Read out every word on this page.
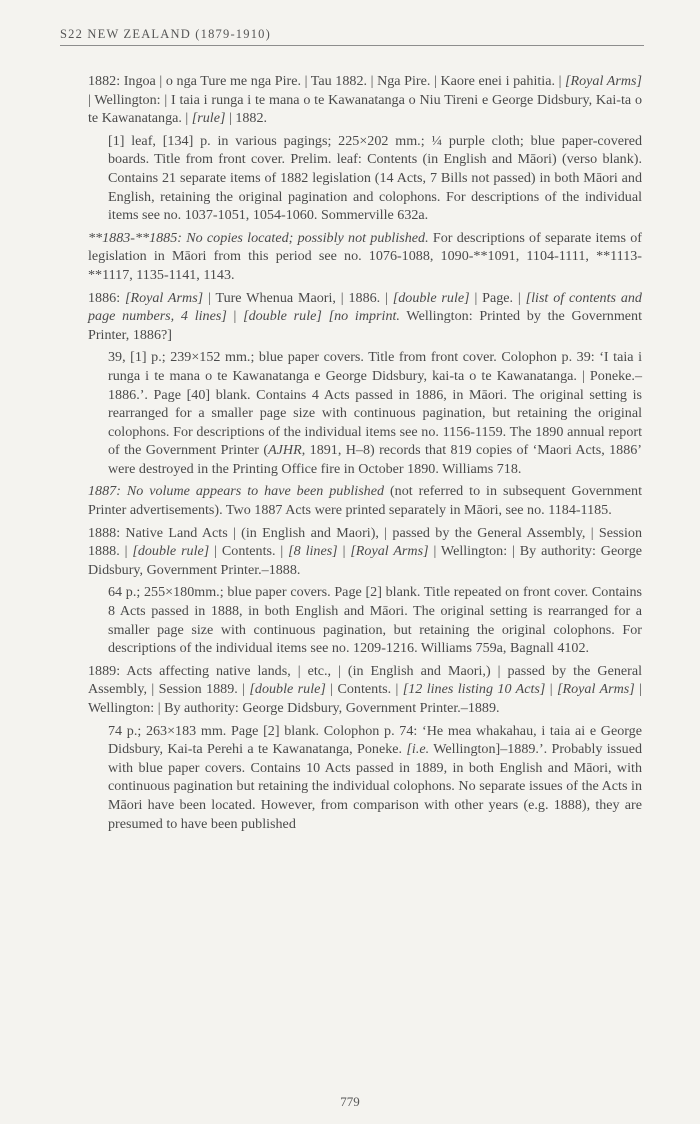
S22 NEW ZEALAND (1879-1910)

1882: Ingoa | o nga Ture me nga Pire. | Tau 1882. | Nga Pire. | Kaore enei i pahitia. | [Royal Arms] | Wellington: | I taia i runga i te mana o te Kawanatanga o Niu Tireni e George Didsbury, Kai-ta o te Kawanatanga. | [rule] | 1882.

[1] leaf, [134] p. in various pagings; 225×202 mm.; ¼ purple cloth; blue paper-covered boards. Title from front cover. Prelim. leaf: Contents (in English and Māori) (verso blank). Contains 21 separate items of 1882 legislation (14 Acts, 7 Bills not passed) in both Māori and English, retaining the original pagination and colophons. For descriptions of the individual items see no. 1037-1051, 1054-1060. Sommerville 632a.

**1883-**1885: No copies located; possibly not published. For descriptions of separate items of legislation in Māori from this period see no. 1076-1088, 1090-**1091, 1104-1111, **1113-**1117, 1135-1141, 1143.

1886: [Royal Arms] | Ture Whenua Maori, | 1886. | [double rule] | Page. | [list of contents and page numbers, 4 lines] | [double rule] [no imprint. Wellington: Printed by the Government Printer, 1886?]

39, [1] p.; 239×152 mm.; blue paper covers. Title from front cover. Colophon p. 39: ‘I taia i runga i te mana o te Kawanatanga e George Didsbury, kai-ta o te Kawanatanga. | Poneke.–1886.’. Page [40] blank. Contains 4 Acts passed in 1886, in Māori. The original setting is rearranged for a smaller page size with continuous pagination, but retaining the original colophons. For descriptions of the individual items see no. 1156-1159. The 1890 annual report of the Government Printer (AJHR, 1891, H–8) records that 819 copies of ‘Maori Acts, 1886’ were destroyed in the Printing Office fire in October 1890. Williams 718.

1887: No volume appears to have been published (not referred to in subsequent Government Printer advertisements). Two 1887 Acts were printed separately in Māori, see no. 1184-1185.

1888: Native Land Acts | (in English and Maori), | passed by the General Assembly, | Session 1888. | [double rule] | Contents. | [8 lines] | [Royal Arms] | Wellington: | By authority: George Didsbury, Government Printer.–1888.

64 p.; 255×180mm.; blue paper covers. Page [2] blank. Title repeated on front cover. Contains 8 Acts passed in 1888, in both English and Māori. The original setting is rearranged for a smaller page size with continuous pagination, but retaining the original colophons. For descriptions of the individual items see no. 1209-1216. Williams 759a, Bagnall 4102.

1889: Acts affecting native lands, | etc., | (in English and Maori,) | passed by the General Assembly, | Session 1889. | [double rule] | Contents. | [12 lines listing 10 Acts] | [Royal Arms] | Wellington: | By authority: George Didsbury, Government Printer.–1889.

74 p.; 263×183 mm. Page [2] blank. Colophon p. 74: ‘He mea whakahau, i taia ai e George Didsbury, Kai-ta Perehi a te Kawanatanga, Poneke. [i.e. Wellington]–1889.’. Probably issued with blue paper covers. Contains 10 Acts passed in 1889, in both English and Māori, with continuous pagination but retaining the individual colophons. No separate issues of the Acts in Māori have been located. However, from comparison with other years (e.g. 1888), they are presumed to have been published

779
